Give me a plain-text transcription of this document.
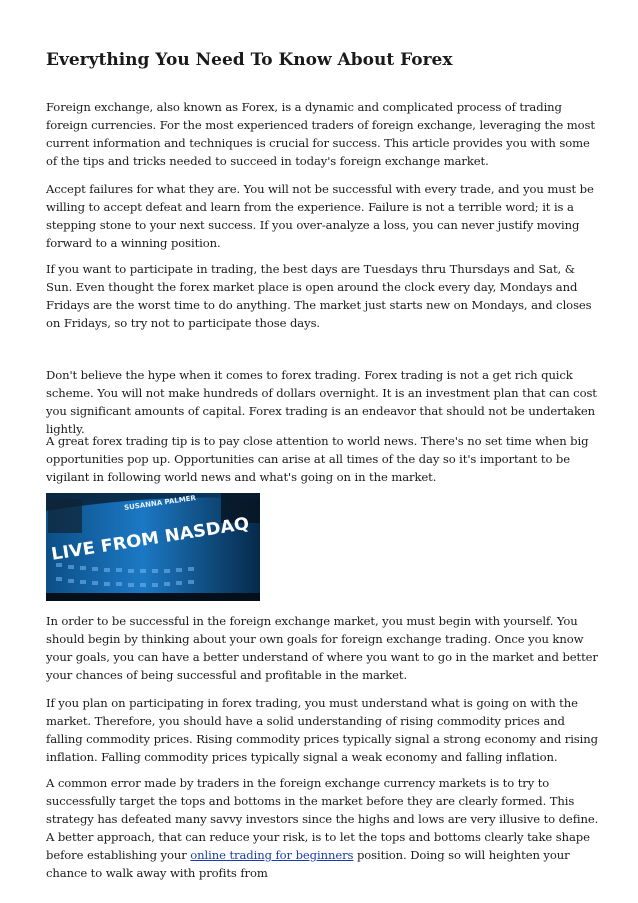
Everything You Need To Know About Forex

Foreign exchange, also known as Forex, is a dynamic and complicated process of trading foreign currencies. For the most experienced traders of foreign exchange, leveraging the most current information and techniques is crucial for success. This article provides you with some of the tips and tricks needed to succeed in today's foreign exchange market.

Accept failures for what they are. You will not be successful with every trade, and you must be willing to accept defeat and learn from the experience. Failure is not a terrible word; it is a stepping stone to your next success. If you over-analyze a loss, you can never justify moving forward to a winning position.

If you want to participate in trading, the best days are Tuesdays thru Thursdays and Sat, & Sun. Even thought the forex market place is open around the clock every day, Mondays and Fridays are the worst time to do anything. The market just starts new on Mondays, and closes on Fridays, so try not to participate those days.

Don't believe the hype when it comes to forex trading. Forex trading is not a get rich quick scheme. You will not make hundreds of dollars overnight. It is an investment plan that can cost you significant amounts of capital. Forex trading is an endeavor that should not be undertaken lightly.

A great forex trading tip is to pay close attention to world news. There's no set time when big opportunities pop up. Opportunities can arise at all times of the day so it's important to be vigilant in following world news and what's going on in the market.

SUSANNA PALMER
LIVE FROM NASDAQ

In order to be successful in the foreign exchange market, you must begin with yourself. You should begin by thinking about your own goals for foreign exchange trading. Once you know your goals, you can have a better understand of where you want to go in the market and better your chances of being successful and profitable in the market.

If you plan on participating in forex trading, you must understand what is going on with the market. Therefore, you should have a solid understanding of rising commodity prices and falling commodity prices. Rising commodity prices typically signal a strong economy and rising inflation. Falling commodity prices typically signal a weak economy and falling inflation.

A common error made by traders in the foreign exchange currency markets is to try to successfully target the tops and bottoms in the market before they are clearly formed. This strategy has defeated many savvy investors since the highs and lows are very illusive to define. A better approach, that can reduce your risk, is to let the tops and bottoms clearly take shape before establishing your online trading for beginners position. Doing so will heighten your chance to walk away with profits from
